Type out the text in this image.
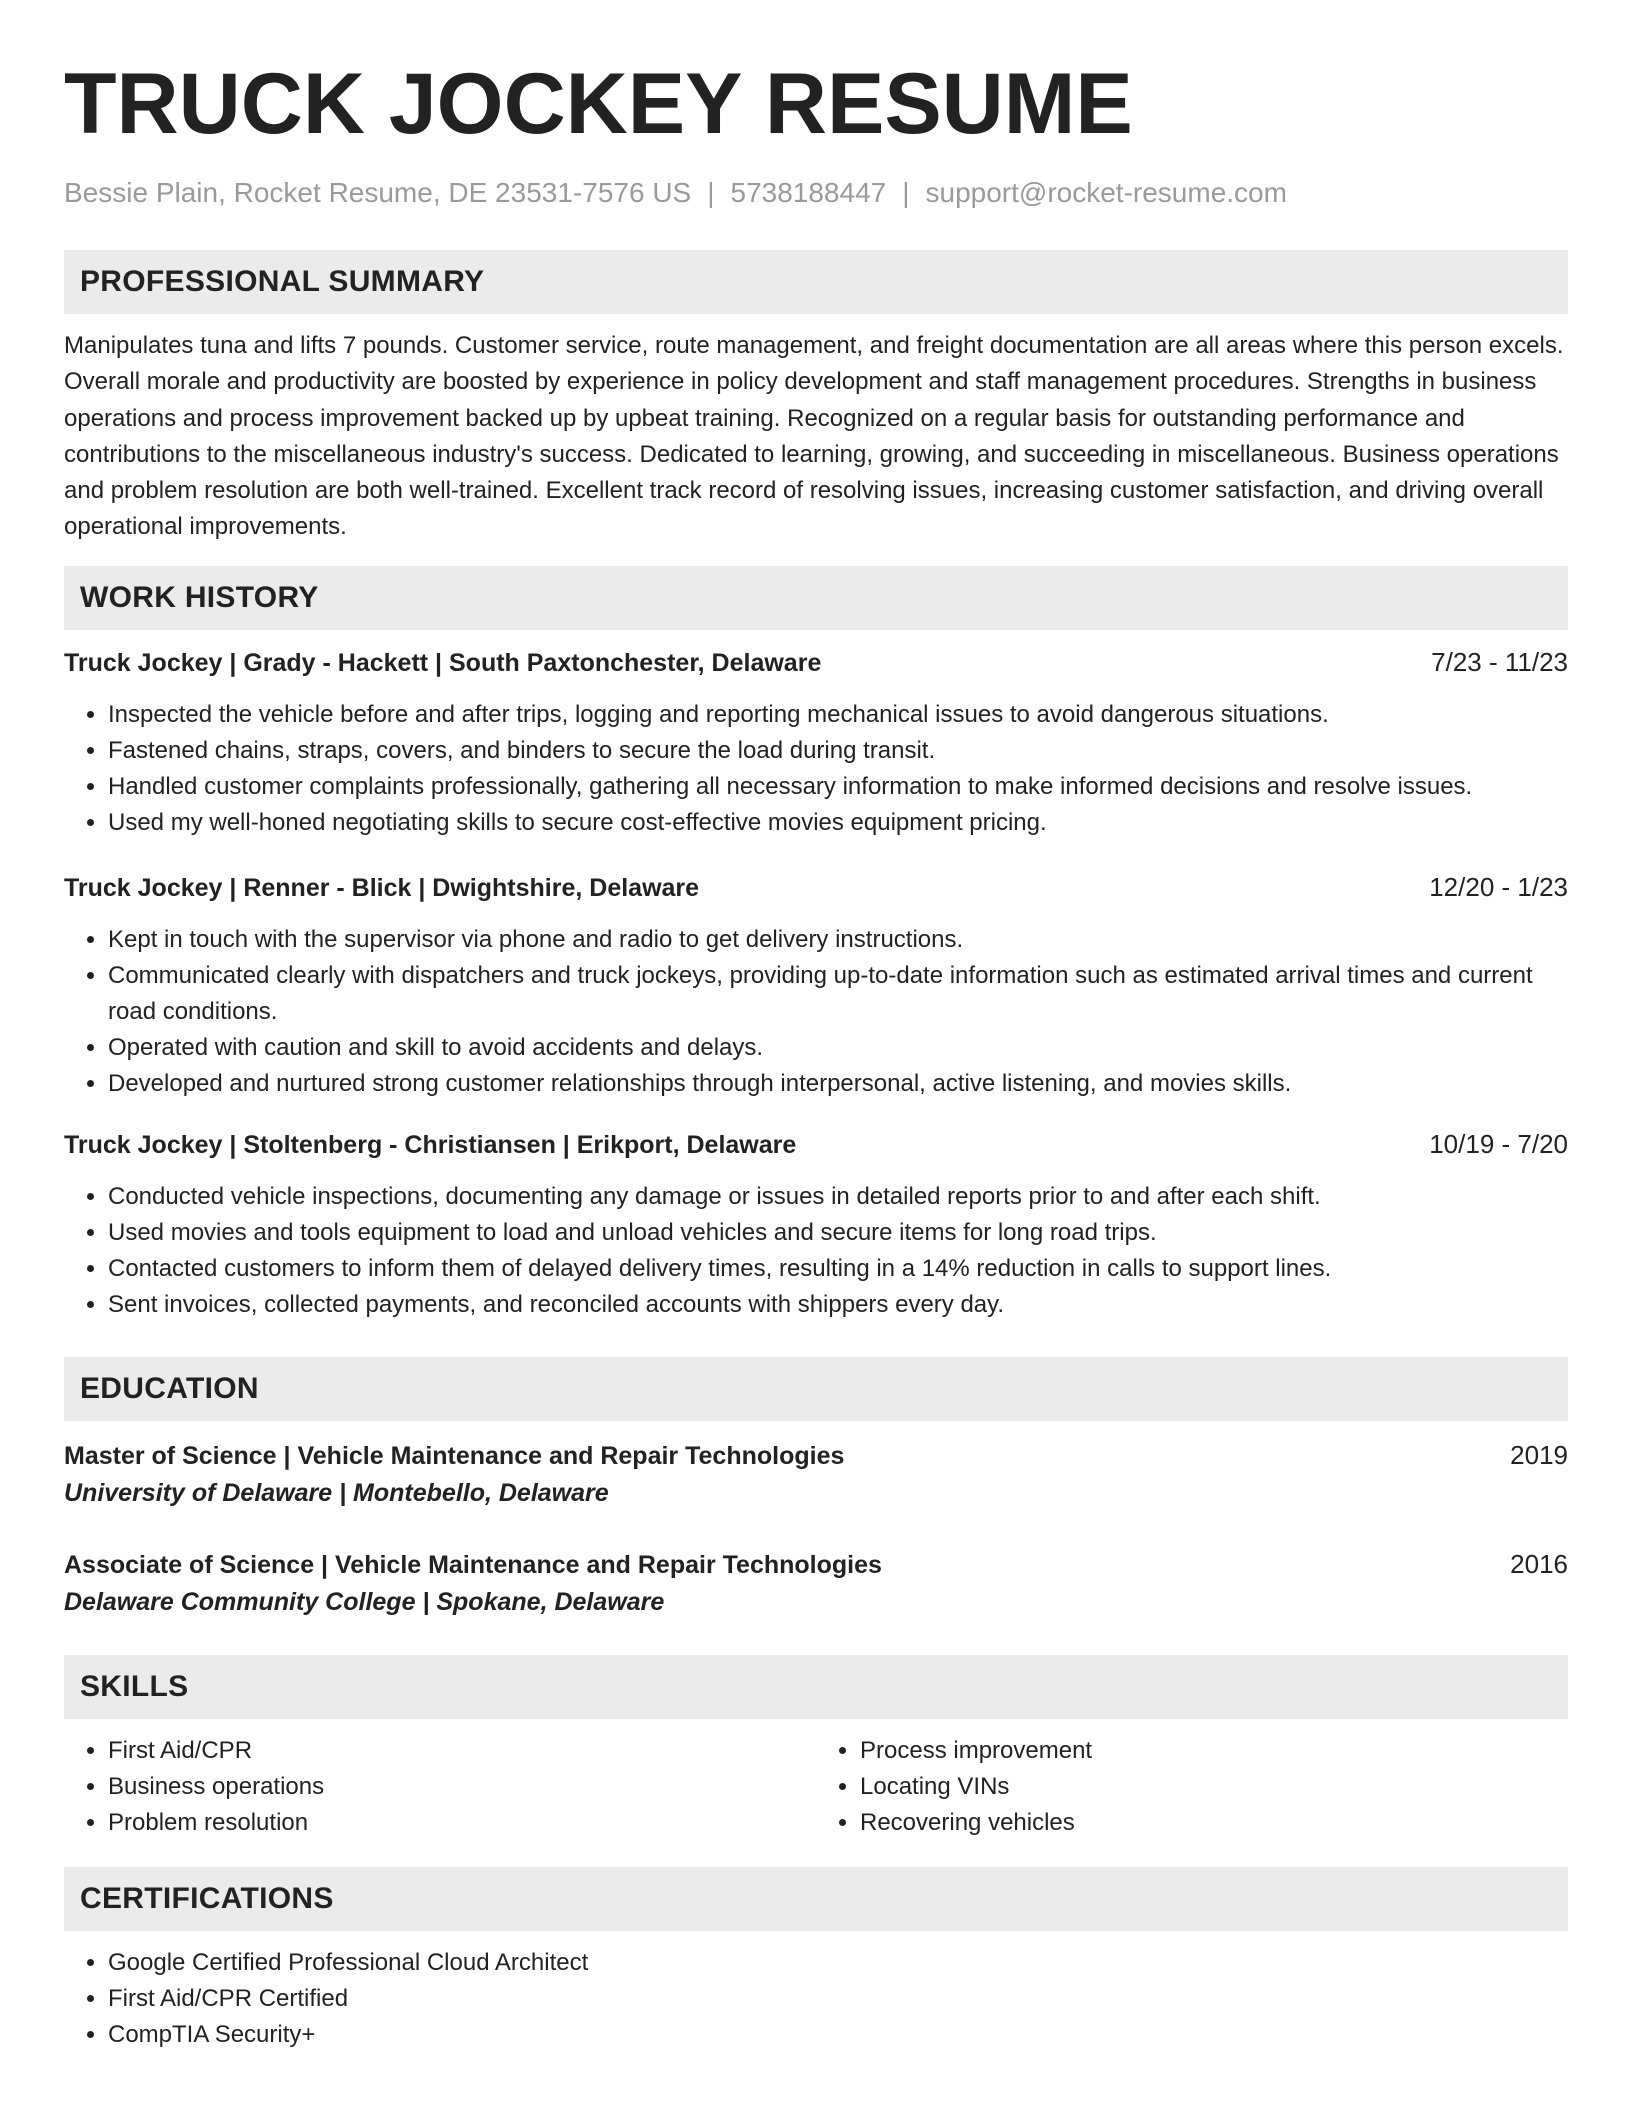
TRUCK JOCKEY RESUME
Bessie Plain, Rocket Resume, DE 23531-7576 US | 5738188447 | support@rocket-resume.com
PROFESSIONAL SUMMARY
Manipulates tuna and lifts 7 pounds. Customer service, route management, and freight documentation are all areas where this person excels. Overall morale and productivity are boosted by experience in policy development and staff management procedures. Strengths in business operations and process improvement backed up by upbeat training. Recognized on a regular basis for outstanding performance and contributions to the miscellaneous industry's success. Dedicated to learning, growing, and succeeding in miscellaneous. Business operations and problem resolution are both well-trained. Excellent track record of resolving issues, increasing customer satisfaction, and driving overall operational improvements.
WORK HISTORY
Truck Jockey | Grady - Hackett | South Paxtonchester, Delaware	7/23 - 11/23
• Inspected the vehicle before and after trips, logging and reporting mechanical issues to avoid dangerous situations.
• Fastened chains, straps, covers, and binders to secure the load during transit.
• Handled customer complaints professionally, gathering all necessary information to make informed decisions and resolve issues.
• Used my well-honed negotiating skills to secure cost-effective movies equipment pricing.
Truck Jockey | Renner - Blick | Dwightshire, Delaware	12/20 - 1/23
• Kept in touch with the supervisor via phone and radio to get delivery instructions.
• Communicated clearly with dispatchers and truck jockeys, providing up-to-date information such as estimated arrival times and current road conditions.
• Operated with caution and skill to avoid accidents and delays.
• Developed and nurtured strong customer relationships through interpersonal, active listening, and movies skills.
Truck Jockey | Stoltenberg - Christiansen | Erikport, Delaware	10/19 - 7/20
• Conducted vehicle inspections, documenting any damage or issues in detailed reports prior to and after each shift.
• Used movies and tools equipment to load and unload vehicles and secure items for long road trips.
• Contacted customers to inform them of delayed delivery times, resulting in a 14% reduction in calls to support lines.
• Sent invoices, collected payments, and reconciled accounts with shippers every day.
EDUCATION
Master of Science | Vehicle Maintenance and Repair Technologies	2019
University of Delaware | Montebello, Delaware
Associate of Science | Vehicle Maintenance and Repair Technologies	2016
Delaware Community College | Spokane, Delaware
SKILLS
• First Aid/CPR
• Business operations
• Problem resolution
• Process improvement
• Locating VINs
• Recovering vehicles
CERTIFICATIONS
• Google Certified Professional Cloud Architect
• First Aid/CPR Certified
• CompTIA Security+
